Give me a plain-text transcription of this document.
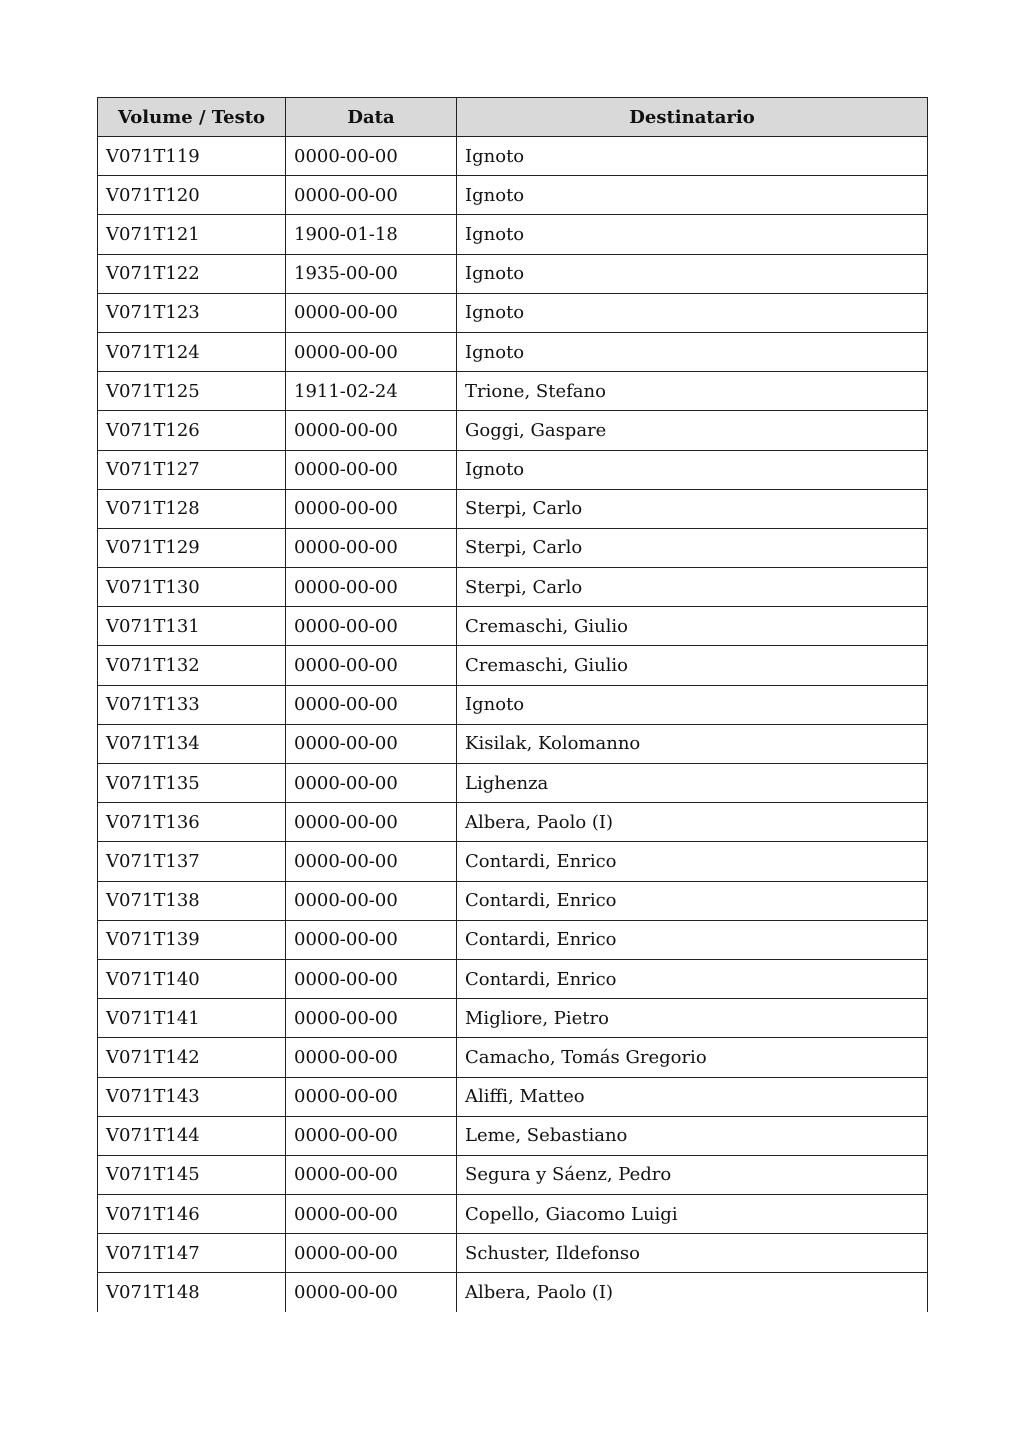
Volume / Testo	Data	Destinatario
V071T119	0000-00-00	Ignoto
V071T120	0000-00-00	Ignoto
V071T121	1900-01-18	Ignoto
V071T122	1935-00-00	Ignoto
V071T123	0000-00-00	Ignoto
V071T124	0000-00-00	Ignoto
V071T125	1911-02-24	Trione, Stefano
V071T126	0000-00-00	Goggi, Gaspare
V071T127	0000-00-00	Ignoto
V071T128	0000-00-00	Sterpi, Carlo
V071T129	0000-00-00	Sterpi, Carlo
V071T130	0000-00-00	Sterpi, Carlo
V071T131	0000-00-00	Cremaschi, Giulio
V071T132	0000-00-00	Cremaschi, Giulio
V071T133	0000-00-00	Ignoto
V071T134	0000-00-00	Kisilak, Kolomanno
V071T135	0000-00-00	Lighenza
V071T136	0000-00-00	Albera, Paolo (I)
V071T137	0000-00-00	Contardi, Enrico
V071T138	0000-00-00	Contardi, Enrico
V071T139	0000-00-00	Contardi, Enrico
V071T140	0000-00-00	Contardi, Enrico
V071T141	0000-00-00	Migliore, Pietro
V071T142	0000-00-00	Camacho, Tomás Gregorio
V071T143	0000-00-00	Aliffi, Matteo
V071T144	0000-00-00	Leme, Sebastiano
V071T145	0000-00-00	Segura y Sáenz, Pedro
V071T146	0000-00-00	Copello, Giacomo Luigi
V071T147	0000-00-00	Schuster, Ildefonso
V071T148	0000-00-00	Albera, Paolo (I)
